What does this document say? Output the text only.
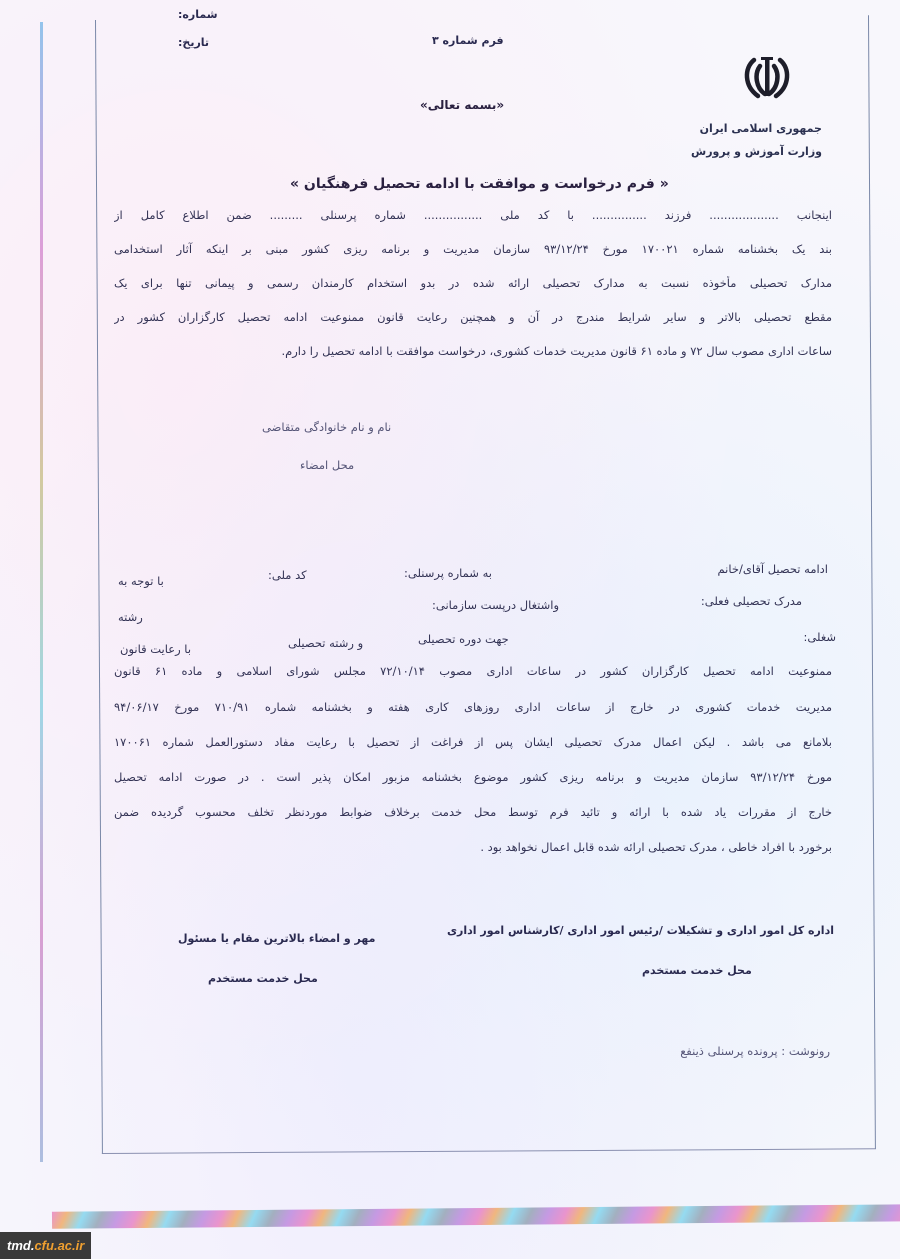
شماره:
تاریخ:	فرم شماره ۳
«بسمه تعالی»
جمهوری اسلامی ایران
وزارت آموزش و پرورش
« فرم درخواست و موافقت با ادامه تحصیل فرهنگیان »
اینجانب ................... فرزند ............... با کد ملی ................ شماره پرسنلی ......... ضمن اطلاع کامل از
بند یک بخشنامه شماره ۱۷۰۰۲۱ مورخ ۹۳/۱۲/۲۴ سازمان مدیریت و برنامه ریزی کشور مبنی بر اینکه آثار استخدامی
مدارک تحصیلی مأخوذه نسبت به مدارک تحصیلی ارائه شده در بدو استخدام کارمندان رسمی و پیمانی تنها برای یک
مقطع تحصیلی بالاتر و سایر شرایط مندرج در آن و همچنین رعایت قانون ممنوعیت ادامه تحصیل کارگزاران کشور در
ساعات اداری مصوب سال ۷۲ و ماده ۶۱ قانون مدیریت خدمات کشوری، درخواست موافقت با ادامه تحصیل را دارم.
نام و نام خانوادگی متقاضی
محل امضاء
ادامه تحصیل آقای/خانم
به شماره پرسنلی:
کد ملی:
با توجه به
مدرک تحصیلی فعلی:
واشتغال درپست سازمانی:
رشته
شغلی:
جهت دوره تحصیلی
و رشته تحصیلی
با رعایت قانون
ممنوعیت ادامه تحصیل کارگزاران کشور در ساعات اداری مصوب ۷۲/۱۰/۱۴ مجلس شورای اسلامی و ماده ۶۱ قانون
مدیریت خدمات کشوری در خارج از ساعات اداری روزهای کاری هفته و بخشنامه شماره ۷۱۰/۹۱ مورخ ۹۴/۰۶/۱۷
بلامانع می باشد . لیکن اعمال مدرک تحصیلی ایشان پس از فراغت از تحصیل با رعایت مفاد دستورالعمل شماره ۱۷۰۰۶۱
مورخ ۹۳/۱۲/۲۴ سازمان مدیریت و برنامه ریزی کشور موضوع بخشنامه مزبور امکان پذیر است . در صورت ادامه تحصیل
خارج از مقررات یاد شده با ارائه و تائید فرم توسط محل خدمت برخلاف ضوابط موردنظر تخلف محسوب گردیده ضمن
برخورد با افراد خاطی ، مدرک تحصیلی ارائه شده قابل اعمال نخواهد بود .
اداره کل امور اداری و تشکیلات /رئیس امور اداری /کارشناس امور اداری
محل خدمت مستخدم
مهر و امضاء بالاترین مقام یا مسئول
محل خدمت مستخدم
رونوشت : پرونده پرسنلی ذینفع
tmd.cfu.ac.ir
